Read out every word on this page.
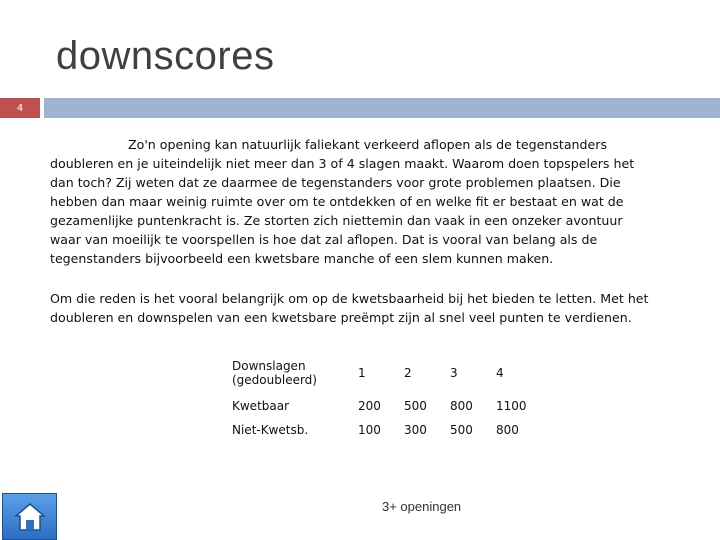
downscores
4
Zo'n opening kan natuurlijk faliekant verkeerd aflopen als de tegenstanders doubleren en je uiteindelijk niet meer dan 3 of 4 slagen maakt. Waarom doen topspelers het dan toch? Zij weten dat ze daarmee de tegenstanders voor grote problemen plaatsen. Die hebben dan maar weinig ruimte over om te ontdekken of en welke fit er bestaat en wat de gezamenlijke puntenkracht is. Ze storten zich niettemin dan vaak in een onzeker avontuur waar van moeilijk te voorspellen is hoe dat zal aflopen. Dat is vooral van belang als de tegenstanders bijvoorbeeld een kwetsbare manche of een slem kunnen maken.
Om die reden is het vooral belangrijk om op de kwetsbaarheid bij het bieden te letten. Met het doubleren en downspelen van een kwetsbare preëmpt zijn al snel veel punten te verdienen.
Downslagen (gedoubleerd)	1	2	3	4
Kwetbaar	200	500	800	1100
Niet-Kwetsb.	100	300	500	800
3+ openingen
